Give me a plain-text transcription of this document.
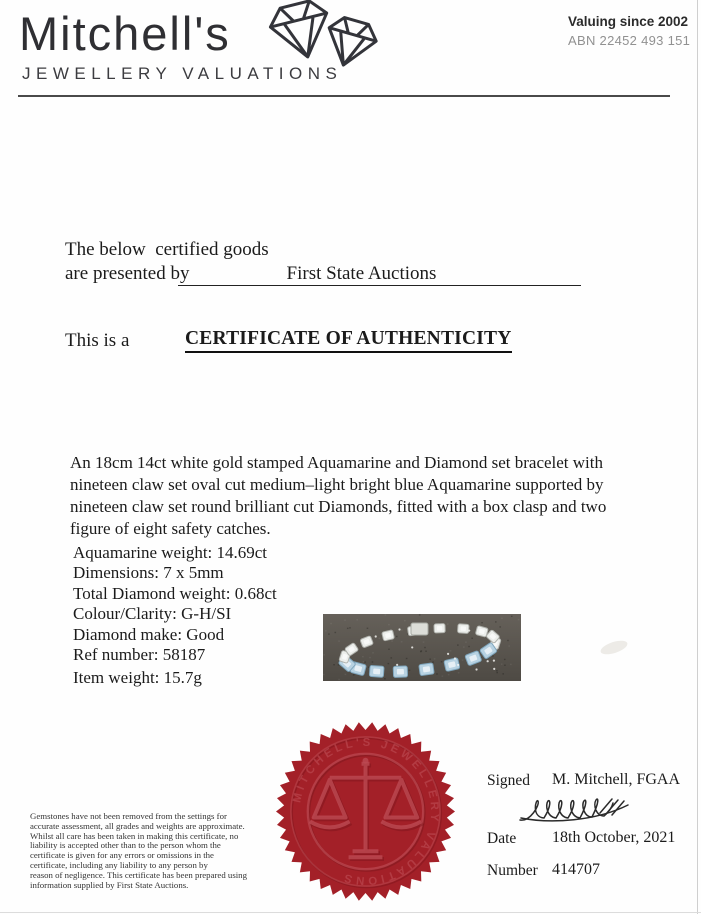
Mitchell's
JEWELLERY VALUATIONS
Valuing since 2002
ABN 22452 493 151
The below  certified goods
are presented by	First State Auctions
This is a	CERTIFICATE OF AUTHENTICITY
An 18cm 14ct white gold stamped Aquamarine and Diamond set bracelet with nineteen claw set oval cut medium–light bright blue Aquamarine supported by nineteen claw set round brilliant cut Diamonds, fitted with a box clasp and two figure of eight safety catches.
Aquamarine weight: 14.69ct
Dimensions: 7 x 5mm
Total Diamond weight: 0.68ct
Colour/Clarity: G-H/SI
Diamond make: Good
Ref number: 58187
Item weight: 15.7g
MITCHELL'S JEWELLERY VALUATIONS
Signed M. Mitchell, FGAA
Date 18th October, 2021
Number 414707
Gemstones have not been removed from the settings for
accurate assessment, all grades and weights are approximate.
Whilst all care has been taken in making this certificate, no
liability is accepted other than to the person whom the
certificate is given for any errors or omissions in the
certificate, including any liability to any person by
reason of negligence. This certificate has been prepared using
information supplied by First State Auctions.
